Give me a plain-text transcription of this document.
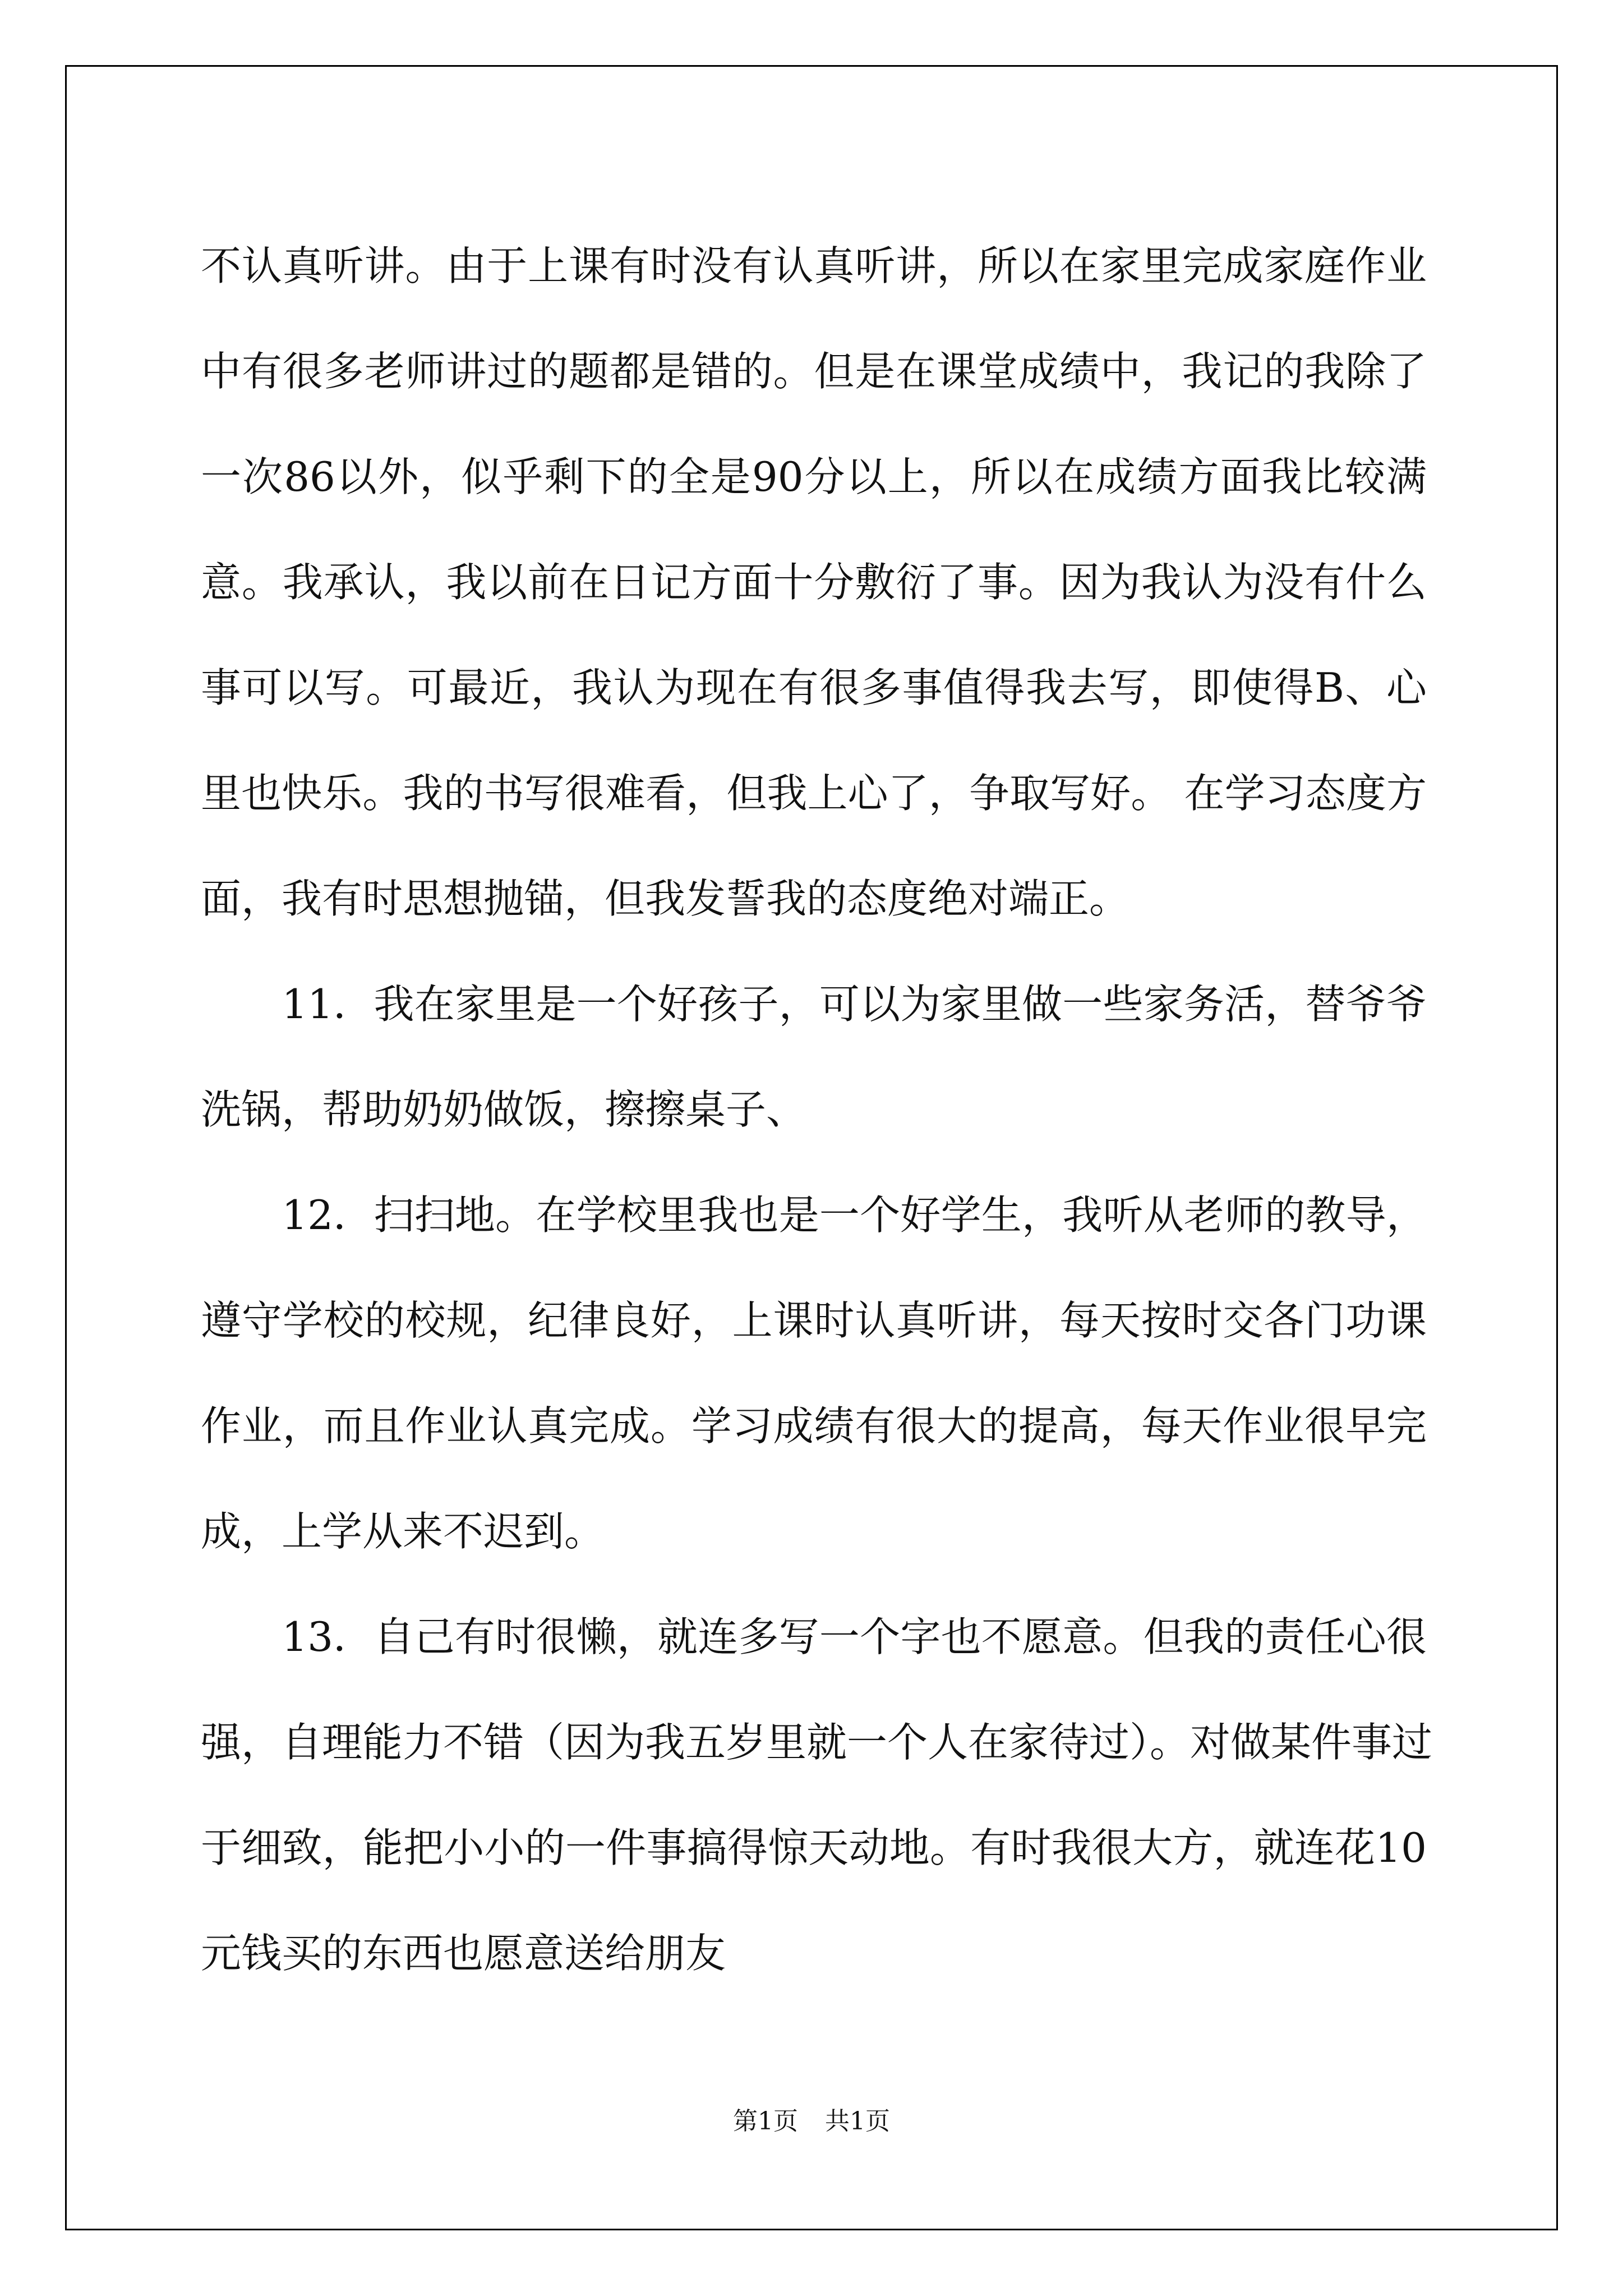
不认真听讲。由于上课有时没有认真听讲，所以在家里完成家庭作业
中有很多老师讲过的题都是错的。但是在课堂成绩中，我记的我除了
一次86以外，似乎剩下的全是90分以上，所以在成绩方面我比较满
意。我承认，我以前在日记方面十分敷衍了事。因为我认为没有什么
事可以写。可最近，我认为现在有很多事值得我去写，即使得B、心
里也快乐。我的书写很难看，但我上心了，争取写好。 在学习态度方
面，我有时思想抛锚，但我发誓我的态度绝对端正。
　　11．我在家里是一个好孩子，可以为家里做一些家务活，替爷爷
洗锅，帮助奶奶做饭，擦擦桌子、
　　12．扫扫地。在学校里我也是一个好学生，我听从老师的教导，
遵守学校的校规，纪律良好，上课时认真听讲，每天按时交各门功课
作业，而且作业认真完成。学习成绩有很大的提高，每天作业很早完
成，上学从来不迟到。
　　13．自己有时很懒，就连多写一个字也不愿意。但我的责任心很
强，自理能力不错（因为我五岁里就一个人在家待过）。对做某件事过
于细致，能把小小的一件事搞得惊天动地。有时我很大方，就连花10
元钱买的东西也愿意送给朋友
第1页 共1页
